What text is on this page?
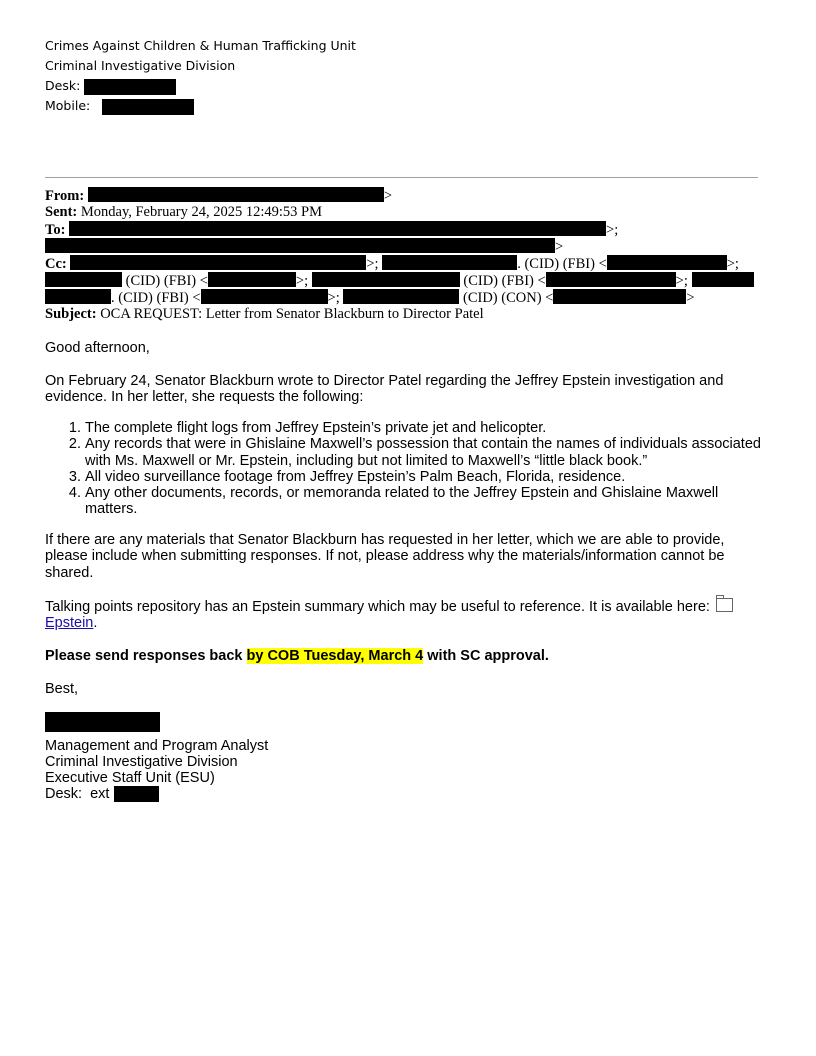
Crimes Against Children & Human Trafficking Unit
Criminal Investigative Division
Desk:
Mobile:
From:	>
Sent: Monday, February 24, 2025 12:49:53 PM
To:	>;
>
Cc:	>;	. (CID) (FBI) <	>;
(CID) (FBI) <	>;	(CID) (FBI) <	>;
. (CID) (FBI) <	>;	(CID) (CON) <	>
Subject: OCA REQUEST: Letter from Senator Blackburn to Director Patel

Good afternoon,

On February 24, Senator Blackburn wrote to Director Patel regarding the Jeffrey Epstein investigation and evidence. In her letter, she requests the following:

1. The complete flight logs from Jeffrey Epstein’s private jet and helicopter.
2. Any records that were in Ghislaine Maxwell’s possession that contain the names of individuals associated with Ms. Maxwell or Mr. Epstein, including but not limited to Maxwell’s “little black book.”
3. All video surveillance footage from Jeffrey Epstein’s Palm Beach, Florida, residence.
4. Any other documents, records, or memoranda related to the Jeffrey Epstein and Ghislaine Maxwell matters.

If there are any materials that Senator Blackburn has requested in her letter, which we are able to provide, please include when submitting responses. If not, please address why the materials/information cannot be shared.

Talking points repository has an Epstein summary which may be useful to reference. It is available here:
Epstein.

Please send responses back by COB Tuesday, March 4 with SC approval.

Best,

Management and Program Analyst
Criminal Investigative Division
Executive Staff Unit (ESU)
Desk:  ext
